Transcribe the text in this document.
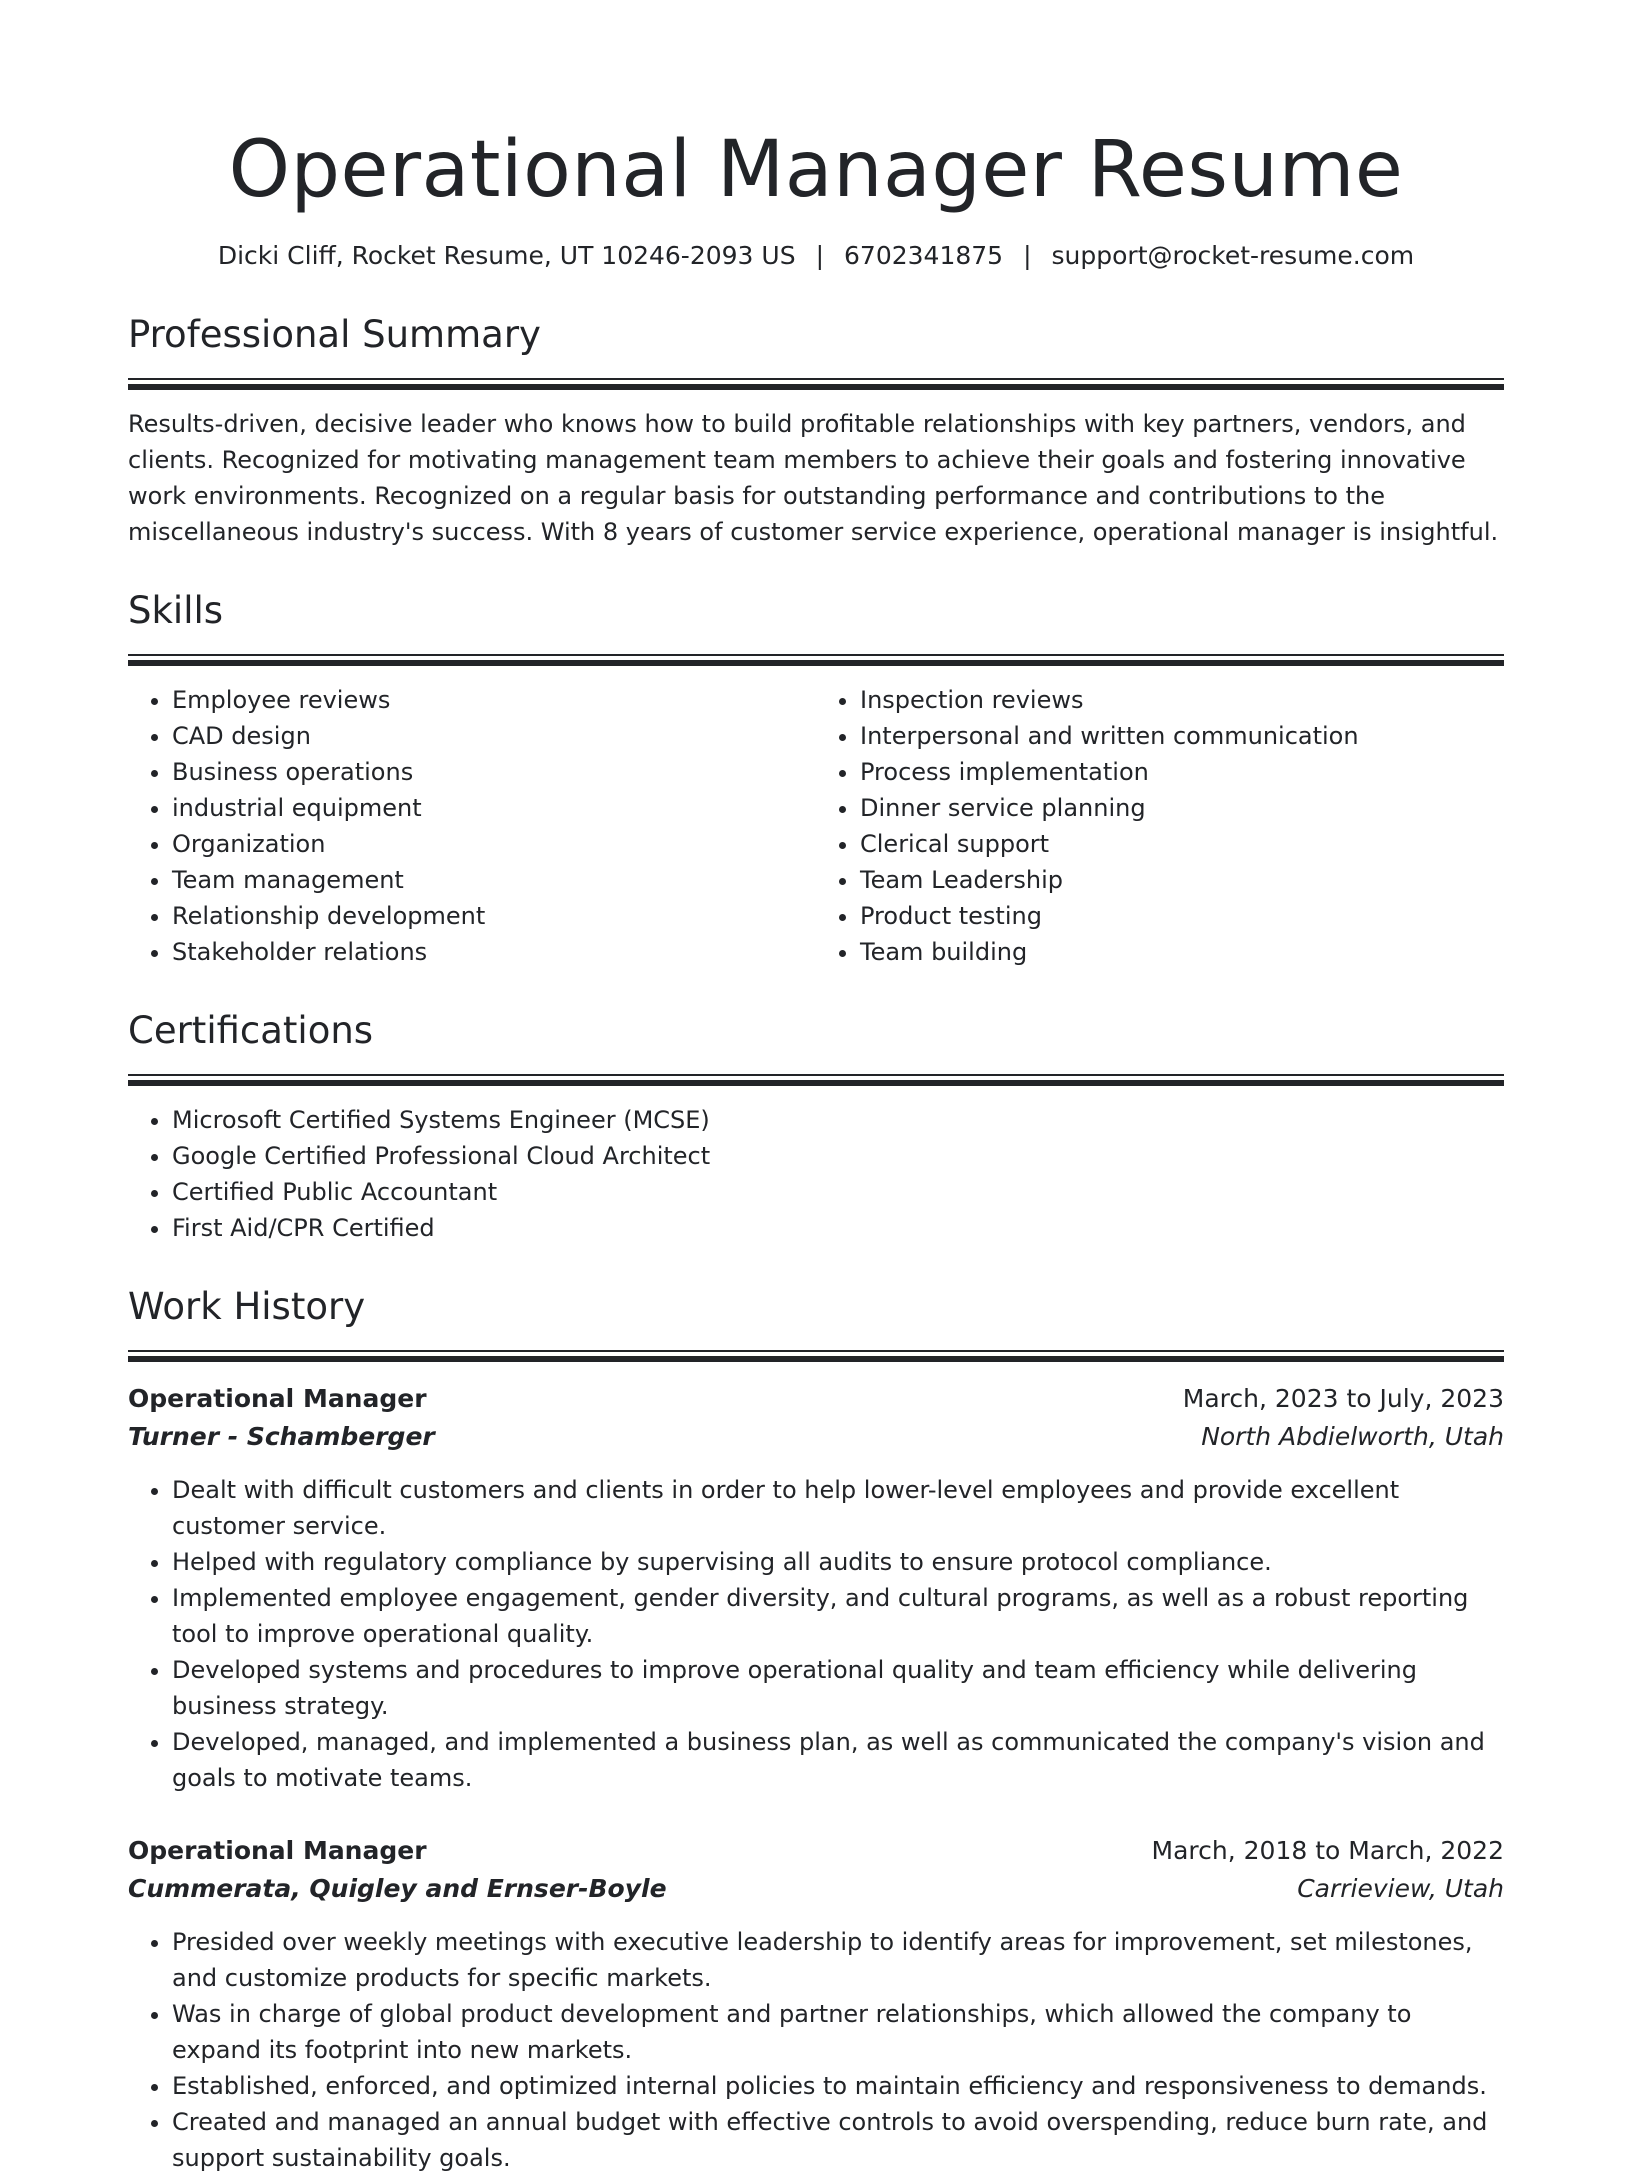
Operational Manager Resume
Dicki Cliff, Rocket Resume, UT 10246-2093 US | 6702341875 | support@rocket-resume.com
Professional Summary

Results-driven, decisive leader who knows how to build profitable relationships with key partners, vendors, and clients. Recognized for motivating management team members to achieve their goals and fostering innovative work environments. Recognized on a regular basis for outstanding performance and contributions to the miscellaneous industry's success. With 8 years of customer service experience, operational manager is insightful.

Skills
• Employee reviews
• CAD design
• Business operations
• industrial equipment
• Organization
• Team management
• Relationship development
• Stakeholder relations
• Inspection reviews
• Interpersonal and written communication
• Process implementation
• Dinner service planning
• Clerical support
• Team Leadership
• Product testing
• Team building
Certifications
• Microsoft Certified Systems Engineer (MCSE)
• Google Certified Professional Cloud Architect
• Certified Public Accountant
• First Aid/CPR Certified
Work History
Operational Manager	March, 2023 to July, 2023
Turner - Schamberger	North Abdielworth, Utah
• Dealt with difficult customers and clients in order to help lower-level employees and provide excellent customer service.
• Helped with regulatory compliance by supervising all audits to ensure protocol compliance.
• Implemented employee engagement, gender diversity, and cultural programs, as well as a robust reporting tool to improve operational quality.
• Developed systems and procedures to improve operational quality and team efficiency while delivering business strategy.
• Developed, managed, and implemented a business plan, as well as communicated the company's vision and goals to motivate teams.
Operational Manager	March, 2018 to March, 2022
Cummerata, Quigley and Ernser-Boyle	Carrieview, Utah
• Presided over weekly meetings with executive leadership to identify areas for improvement, set milestones, and customize products for specific markets.
• Was in charge of global product development and partner relationships, which allowed the company to expand its footprint into new markets.
• Established, enforced, and optimized internal policies to maintain efficiency and responsiveness to demands.
• Created and managed an annual budget with effective controls to avoid overspending, reduce burn rate, and support sustainability goals.
